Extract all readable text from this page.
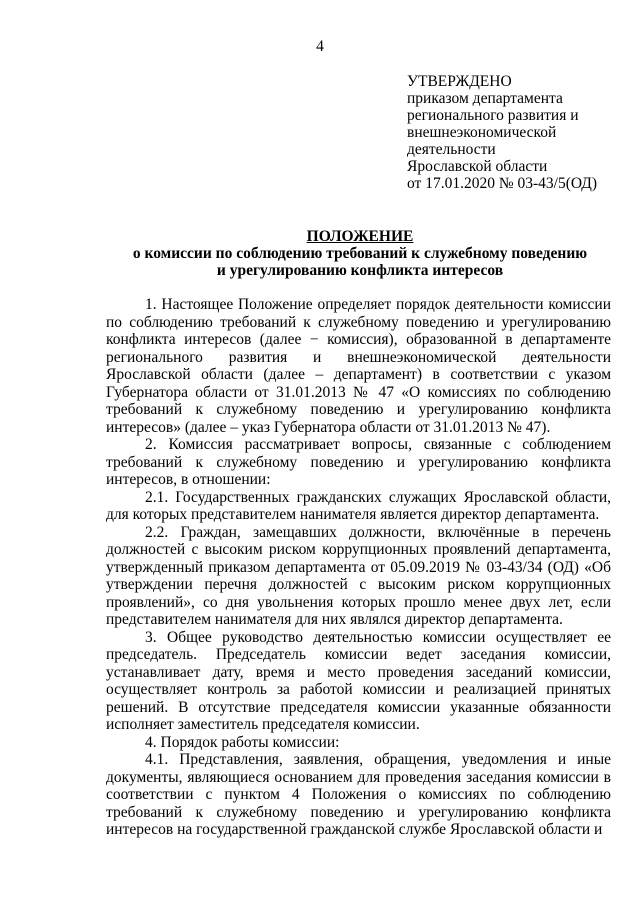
4
УТВЕРЖДЕНО
приказом департамента
регионального развития и
внешнеэкономической
деятельности
Ярославской области
от 17.01.2020 № 03-43/5(ОД)
ПОЛОЖЕНИЕ
о комиссии по соблюдению требований к служебному поведению
и урегулированию конфликта интересов

1. Настоящее Положение определяет порядок деятельности комиссии по соблюдению требований к служебному поведению и урегулированию конфликта интересов (далее − комиссия), образованной в департаменте регионального развития и внешнеэкономической деятельности Ярославской области (далее – департамент) в соответствии с указом Губернатора области от 31.01.2013 № 47 «О комиссиях по соблюдению требований к служебному поведению и урегулированию конфликта интересов» (далее – указ Губернатора области от 31.01.2013 № 47).

2. Комиссия рассматривает вопросы, связанные с соблюдением требований к служебному поведению и урегулированию конфликта интересов, в отношении:

2.1. Государственных гражданских служащих Ярославской области, для которых представителем нанимателя является директор департамента.

2.2. Граждан, замещавших должности, включённые в перечень должностей с высоким риском коррупционных проявлений департамента, утвержденный приказом департамента от 05.09.2019 № 03-43/34 (ОД) «Об утверждении перечня должностей с высоким риском коррупционных проявлений», со дня увольнения которых прошло менее двух лет, если представителем нанимателя для них являлся директор департамента.

3. Общее руководство деятельностью комиссии осуществляет ее председатель. Председатель комиссии ведет заседания комиссии, устанавливает дату, время и место проведения заседаний комиссии, осуществляет контроль за работой комиссии и реализацией принятых решений. В отсутствие председателя комиссии указанные обязанности исполняет заместитель председателя комиссии.

4. Порядок работы комиссии:

4.1. Представления, заявления, обращения, уведомления и иные документы, являющиеся основанием для проведения заседания комиссии в соответствии с пунктом 4 Положения о комиссиях по соблюдению требований к служебному поведению и урегулированию конфликта интересов на государственной гражданской службе Ярославской области и
